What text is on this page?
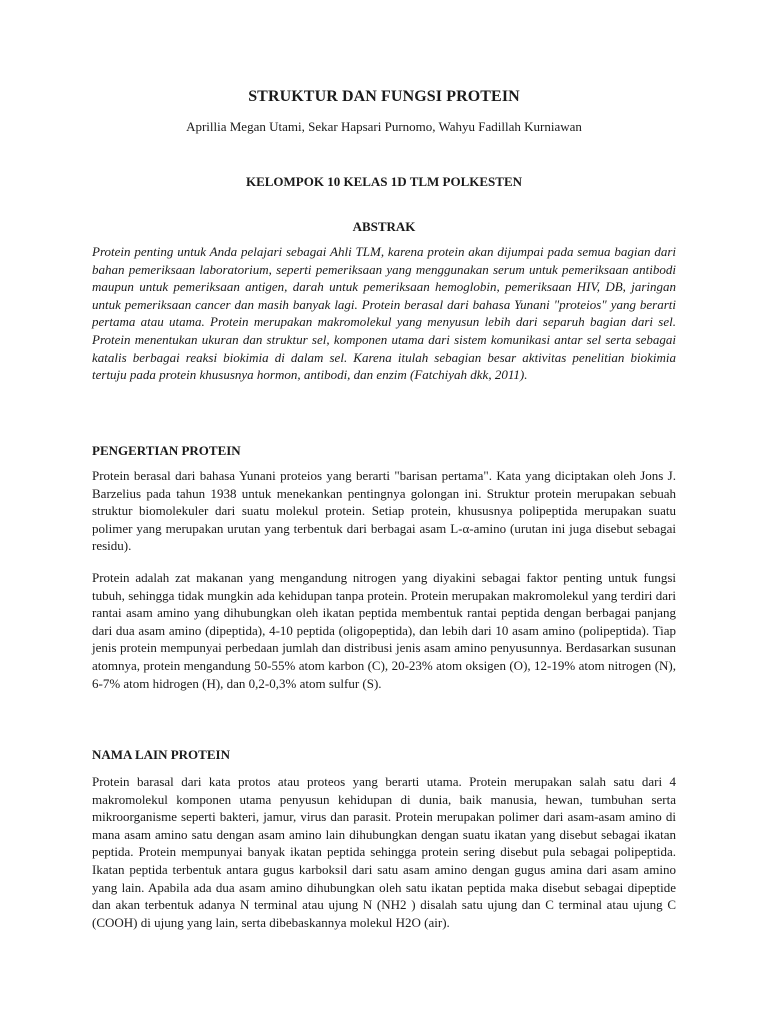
STRUKTUR DAN FUNGSI PROTEIN
Aprillia Megan Utami, Sekar Hapsari Purnomo, Wahyu Fadillah Kurniawan
KELOMPOK 10 KELAS 1D TLM POLKESTEN
ABSTRAK

Protein penting untuk Anda pelajari sebagai Ahli TLM, karena protein akan dijumpai pada semua bagian dari bahan pemeriksaan laboratorium, seperti pemeriksaan yang menggunakan serum untuk pemeriksaan antibodi maupun untuk pemeriksaan antigen, darah untuk pemeriksaan hemoglobin, pemeriksaan HIV, DB, jaringan untuk pemeriksaan cancer dan masih banyak lagi. Protein berasal dari bahasa Yunani "proteios" yang berarti pertama atau utama. Protein merupakan makromolekul yang menyusun lebih dari separuh bagian dari sel. Protein menentukan ukuran dan struktur sel, komponen utama dari sistem komunikasi antar sel serta sebagai katalis berbagai reaksi biokimia di dalam sel. Karena itulah sebagian besar aktivitas penelitian biokimia tertuju pada protein khususnya hormon, antibodi, dan enzim (Fatchiyah dkk, 2011).

PENGERTIAN PROTEIN

Protein berasal dari bahasa Yunani proteios yang berarti "barisan pertama". Kata yang diciptakan oleh Jons J. Barzelius pada tahun 1938 untuk menekankan pentingnya golongan ini. Struktur protein merupakan sebuah struktur biomolekuler dari suatu molekul protein. Setiap protein, khususnya polipeptida merupakan suatu polimer yang merupakan urutan yang terbentuk dari berbagai asam L-α-amino (urutan ini juga disebut sebagai residu).

Protein adalah zat makanan yang mengandung nitrogen yang diyakini sebagai faktor penting untuk fungsi tubuh, sehingga tidak mungkin ada kehidupan tanpa protein. Protein merupakan makromolekul yang terdiri dari rantai asam amino yang dihubungkan oleh ikatan peptida membentuk rantai peptida dengan berbagai panjang dari dua asam amino (dipeptida), 4-10 peptida (oligopeptida), dan lebih dari 10 asam amino (polipeptida). Tiap jenis protein mempunyai perbedaan jumlah dan distribusi jenis asam amino penyusunnya. Berdasarkan susunan atomnya, protein mengandung 50-55% atom karbon (C), 20-23% atom oksigen (O), 12-19% atom nitrogen (N), 6-7% atom hidrogen (H), dan 0,2-0,3% atom sulfur (S).

NAMA LAIN PROTEIN

Protein barasal dari kata protos atau proteos yang berarti utama. Protein merupakan salah satu dari 4 makromolekul komponen utama penyusun kehidupan di dunia, baik manusia, hewan, tumbuhan serta mikroorganisme seperti bakteri, jamur, virus dan parasit. Protein merupakan polimer dari asam-asam amino di mana asam amino satu dengan asam amino lain dihubungkan dengan suatu ikatan yang disebut sebagai ikatan peptida. Protein mempunyai banyak ikatan peptida sehingga protein sering disebut pula sebagai polipeptida. Ikatan peptida terbentuk antara gugus karboksil dari satu asam amino dengan gugus amina dari asam amino yang lain. Apabila ada dua asam amino dihubungkan oleh satu ikatan peptida maka disebut sebagai dipeptide dan akan terbentuk adanya N terminal atau ujung N (NH2 ) disalah satu ujung dan C terminal atau ujung C (COOH) di ujung yang lain, serta dibebaskannya molekul H2O (air).
